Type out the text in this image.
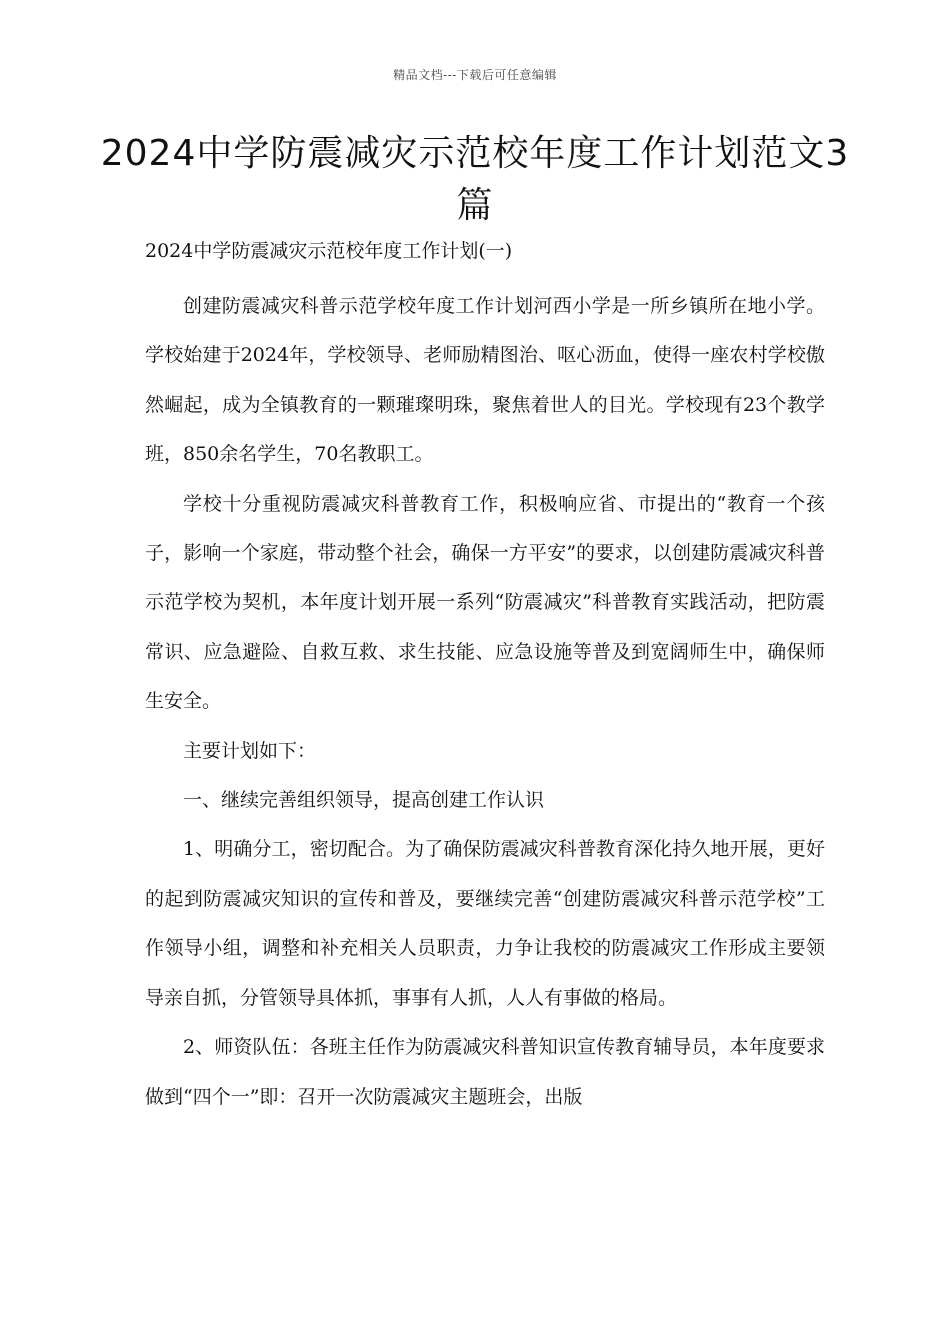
精品文档---下载后可任意编辑
2024中学防震减灾示范校年度工作计划范文3篇
2024中学防震减灾示范校年度工作计划(一)

创建防震减灾科普示范学校年度工作计划河西小学是一所乡镇所在地小学。学校始建于2024年，学校领导、老师励精图治、呕心沥血，使得一座农村学校傲然崛起，成为全镇教育的一颗璀璨明珠，聚焦着世人的目光。学校现有23个教学班，850余名学生，70名教职工。

学校十分重视防震减灾科普教育工作，积极响应省、市提出的“教育一个孩子，影响一个家庭，带动整个社会，确保一方平安”的要求，以创建防震减灾科普示范学校为契机，本年度计划开展一系列“防震减灾”科普教育实践活动，把防震常识、应急避险、自救互救、求生技能、应急设施等普及到宽阔师生中，确保师生安全。

主要计划如下：

一、继续完善组织领导，提高创建工作认识

1、明确分工，密切配合。为了确保防震减灾科普教育深化持久地开展，更好的起到防震减灾知识的宣传和普及，要继续完善“创建防震减灾科普示范学校”工作领导小组，调整和补充相关人员职责，力争让我校的防震减灾工作形成主要领导亲自抓，分管领导具体抓，事事有人抓，人人有事做的格局。

2、师资队伍：各班主任作为防震减灾科普知识宣传教育辅导员，本年度要求做到“四个一”即：召开一次防震减灾主题班会，出版
